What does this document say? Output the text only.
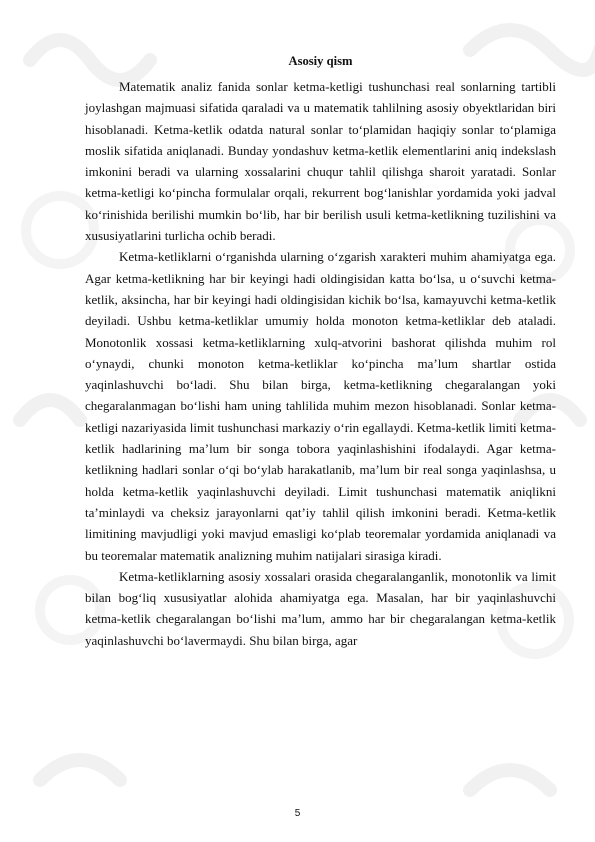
Asosiy qism

Matematik analiz fanida sonlar ketma-ketligi tushunchasi real sonlarning tartibli joylashgan majmuasi sifatida qaraladi va u matematik tahlilning asosiy obyektlaridan biri hisoblanadi. Ketma-ketlik odatda natural sonlar to‘plamidan haqiqiy sonlar to‘plamiga moslik sifatida aniqlanadi. Bunday yondashuv ketma-ketlik elementlarini aniq indekslash imkonini beradi va ularning xossalarini chuqur tahlil qilishga sharoit yaratadi. Sonlar ketma-ketligi ko‘pincha formulalar orqali, rekurrent bog‘lanishlar yordamida yoki jadval ko‘rinishida berilishi mumkin bo‘lib, har bir berilish usuli ketma-ketlikning tuzilishini va xususiyatlarini turlicha ochib beradi.

Ketma-ketliklarni o‘rganishda ularning o‘zgarish xarakteri muhim ahamiyatga ega. Agar ketma-ketlikning har bir keyingi hadi oldingisidan katta bo‘lsa, u o‘suvchi ketma-ketlik, aksincha, har bir keyingi hadi oldingisidan kichik bo‘lsa, kamayuvchi ketma-ketlik deyiladi. Ushbu ketma-ketliklar umumiy holda monoton ketma-ketliklar deb ataladi. Monotonlik xossasi ketma-ketliklarning xulq-atvorini bashorat qilishda muhim rol o‘ynaydi, chunki monoton ketma-ketliklar ko‘pincha ma’lum shartlar ostida yaqinlashuvchi bo‘ladi. Shu bilan birga, ketma-ketlikning chegaralangan yoki chegaralanmagan bo‘lishi ham uning tahlilida muhim mezon hisoblanadi. Sonlar ketma-ketligi nazariyasida limit tushunchasi markaziy o‘rin egallaydi. Ketma-ketlik limiti ketma-ketlik hadlarining ma’lum bir songa tobora yaqinlashishini ifodalaydi. Agar ketma-ketlikning hadlari sonlar o‘qi bo‘ylab harakatlanib, ma’lum bir real songa yaqinlashsa, u holda ketma-ketlik yaqinlashuvchi deyiladi. Limit tushunchasi matematik aniqlikni ta’minlaydi va cheksiz jarayonlarni qat’iy tahlil qilish imkonini beradi. Ketma-ketlik limitining mavjudligi yoki mavjud emasligi ko‘plab teoremalar yordamida aniqlanadi va bu teoremalar matematik analizning muhim natijalari sirasiga kiradi.

Ketma-ketliklarning asosiy xossalari orasida chegaralanganlik, monotonlik va limit bilan bog‘liq xususiyatlar alohida ahamiyatga ega. Masalan, har bir yaqinlashuvchi ketma-ketlik chegaralangan bo‘lishi ma’lum, ammo har bir chegaralangan ketma-ketlik yaqinlashuvchi bo‘lavermaydi. Shu bilan birga, agar

5
